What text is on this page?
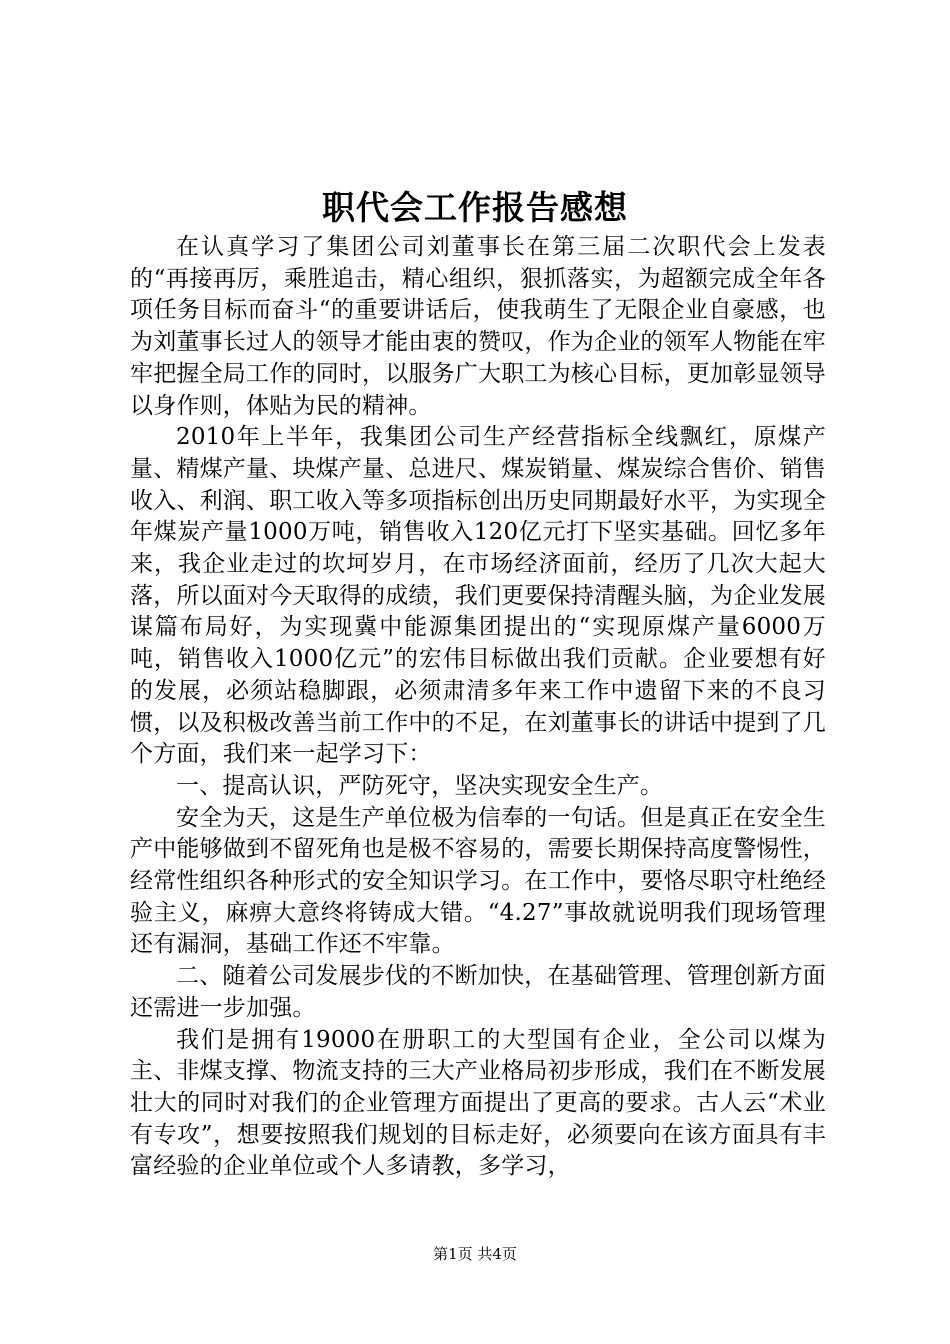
职代会工作报告感想

在认真学习了集团公司刘董事长在第三届二次职代会上发表的“再接再厉，乘胜追击，精心组织，狠抓落实，为超额完成全年各项任务目标而奋斗“的重要讲话后，使我萌生了无限企业自豪感，也为刘董事长过人的领导才能由衷的赞叹，作为企业的领军人物能在牢牢把握全局工作的同时，以服务广大职工为核心目标，更加彰显领导以身作则，体贴为民的精神。

2010年上半年，我集团公司生产经营指标全线飘红，原煤产量、精煤产量、块煤产量、总进尺、煤炭销量、煤炭综合售价、销售收入、利润、职工收入等多项指标创出历史同期最好水平，为实现全年煤炭产量1000万吨，销售收入120亿元打下坚实基础。回忆多年来，我企业走过的坎坷岁月，在市场经济面前，经历了几次大起大落，所以面对今天取得的成绩，我们更要保持清醒头脑，为企业发展谋篇布局好，为实现冀中能源集团提出的“实现原煤产量6000万吨，销售收入1000亿元”的宏伟目标做出我们贡献。企业要想有好的发展，必须站稳脚跟，必须肃清多年来工作中遗留下来的不良习惯，以及积极改善当前工作中的不足，在刘董事长的讲话中提到了几个方面，我们来一起学习下：

一、提高认识，严防死守，坚决实现安全生产。

安全为天，这是生产单位极为信奉的一句话。但是真正在安全生产中能够做到不留死角也是极不容易的，需要长期保持高度警惕性，经常性组织各种形式的安全知识学习。在工作中，要恪尽职守杜绝经验主义，麻痹大意终将铸成大错。“4.27”事故就说明我们现场管理还有漏洞，基础工作还不牢靠。

二、随着公司发展步伐的不断加快，在基础管理、管理创新方面还需进一步加强。

我们是拥有19000在册职工的大型国有企业，全公司以煤为主、非煤支撑、物流支持的三大产业格局初步形成，我们在不断发展壮大的同时对我们的企业管理方面提出了更高的要求。古人云“术业有专攻”，想要按照我们规划的目标走好，必须要向在该方面具有丰富经验的企业单位或个人多请教，多学习，

第1页 共4页
